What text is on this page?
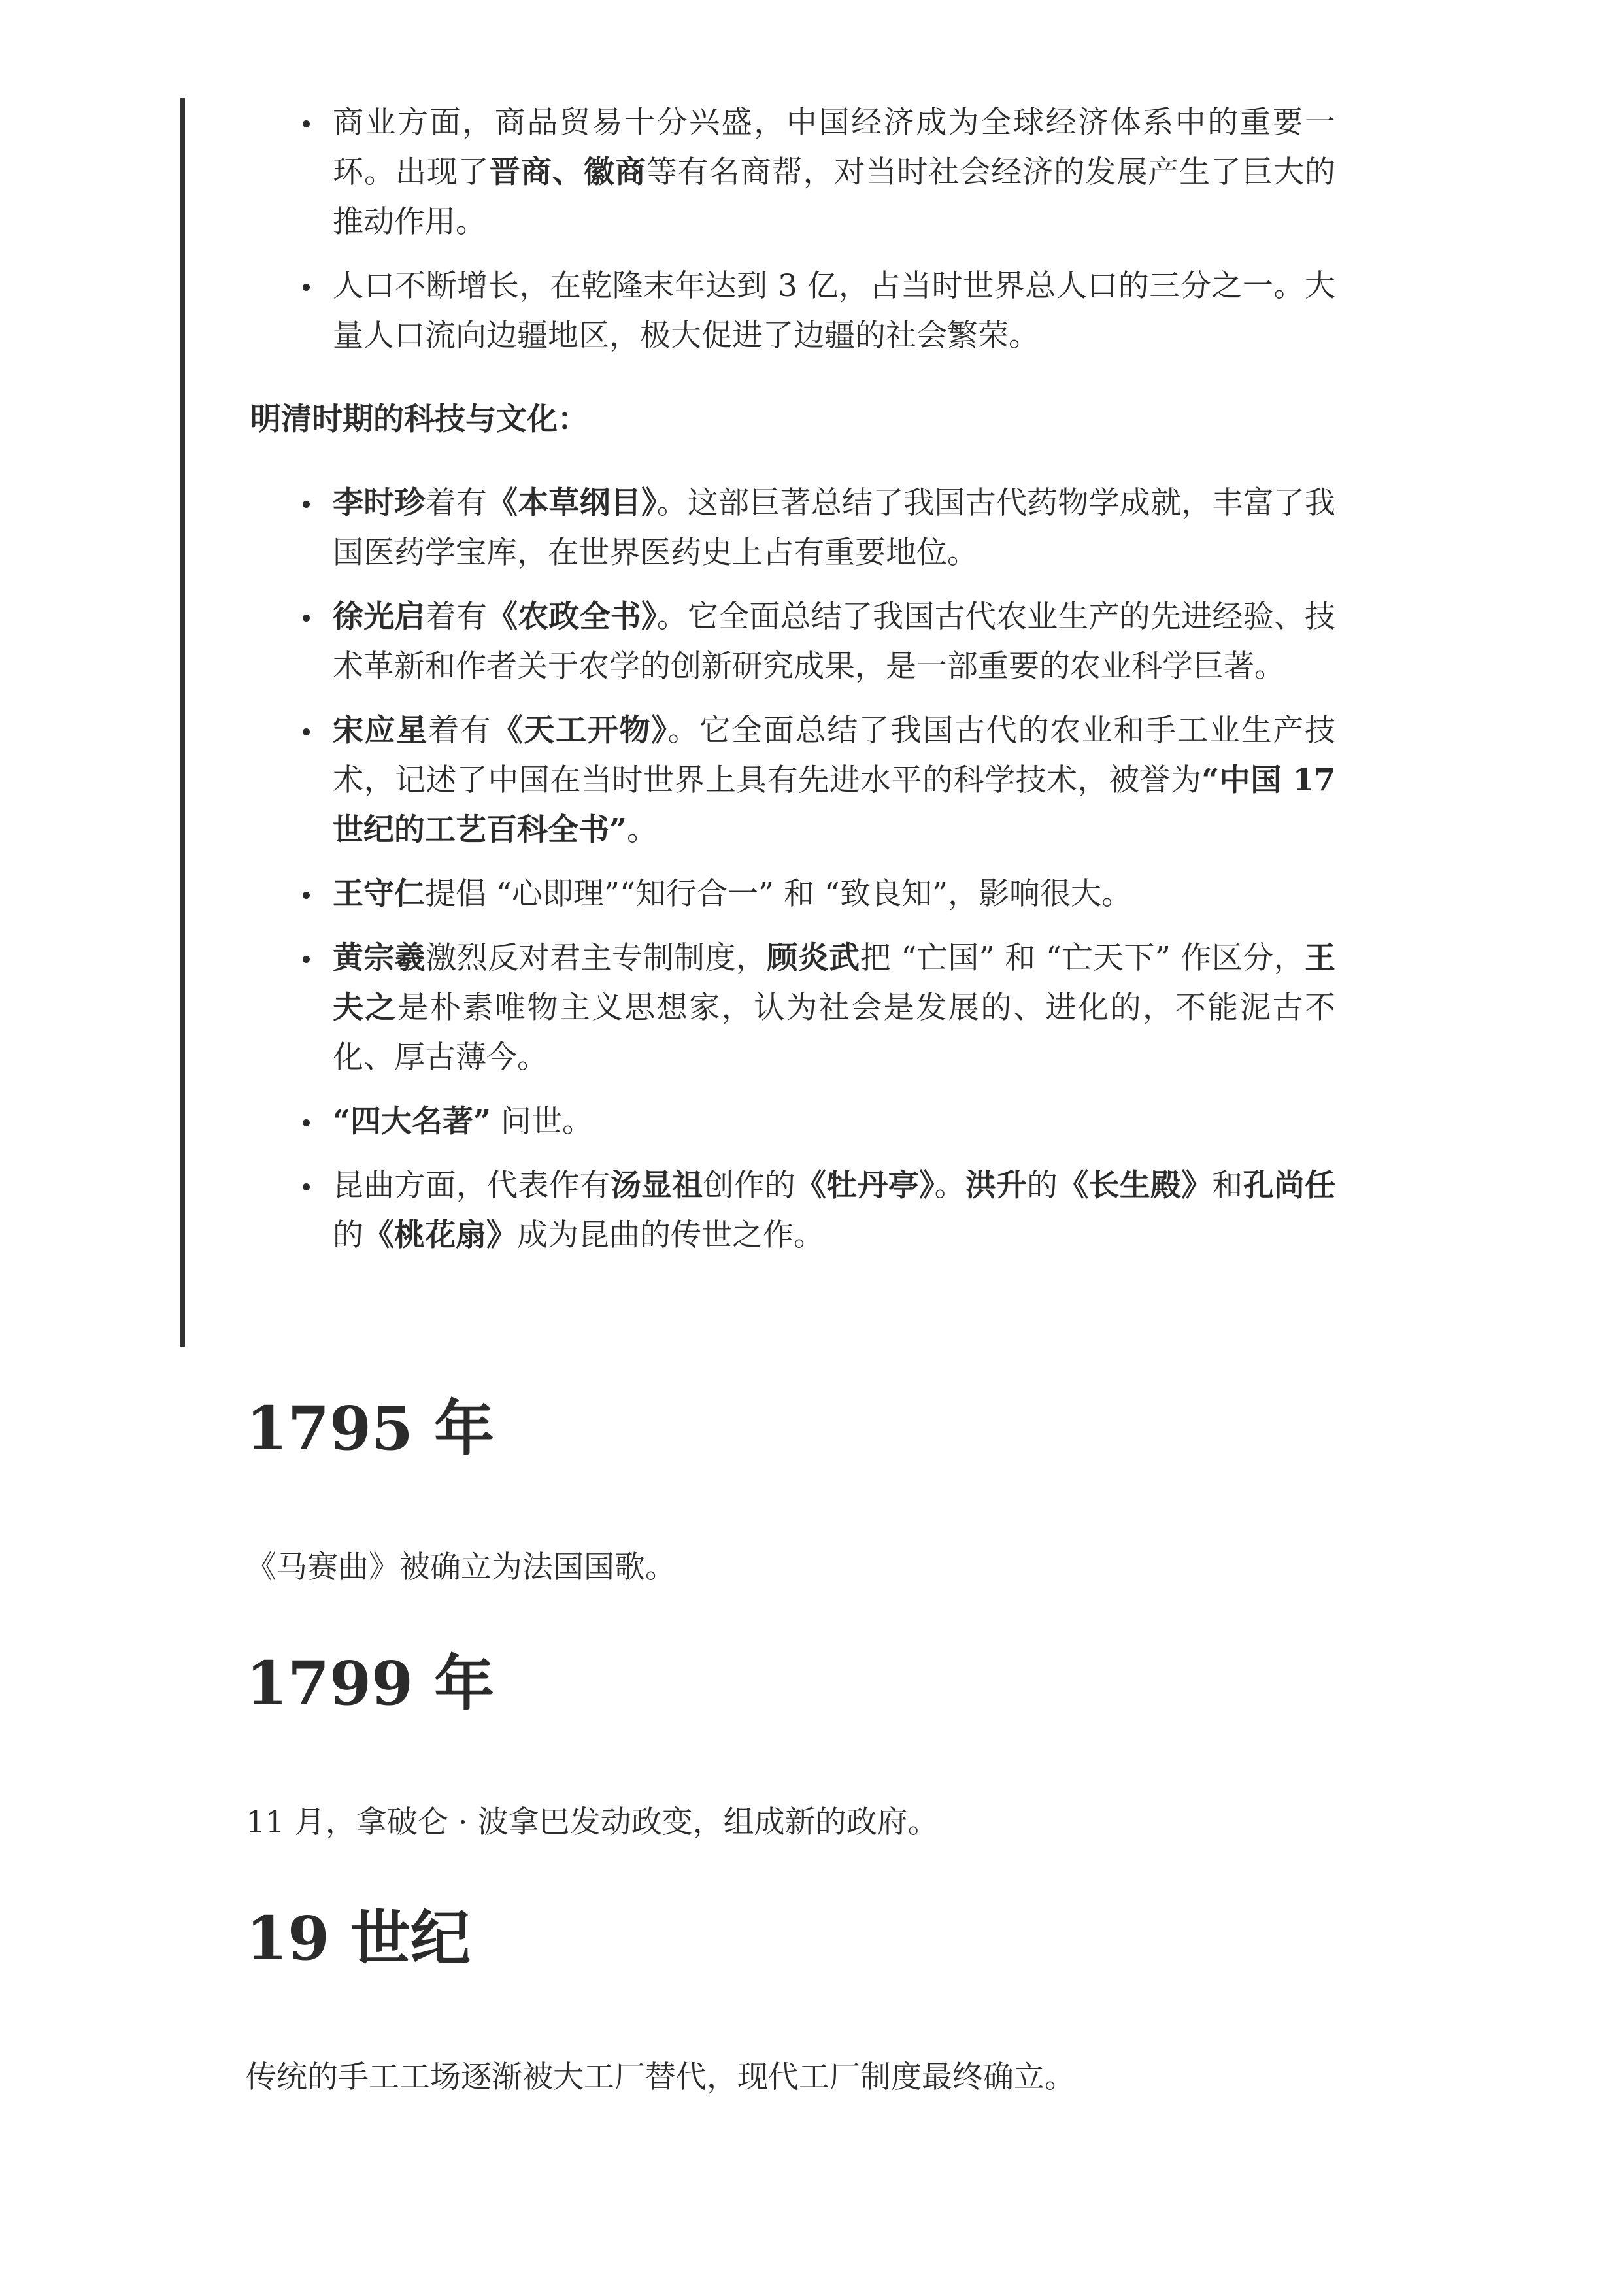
商业方面，商品贸易十分兴盛，中国经济成为全球经济体系中的重要一环。出现了晋商、徽商等有名商帮，对当时社会经济的发展产生了巨大的推动作用。
人口不断增长，在乾隆末年达到 3 亿，占当时世界总人口的三分之一。大量人口流向边疆地区，极大促进了边疆的社会繁荣。
明清时期的科技与文化：
李时珍着有《本草纲目》。这部巨著总结了我国古代药物学成就，丰富了我国医药学宝库，在世界医药史上占有重要地位。
徐光启着有《农政全书》。它全面总结了我国古代农业生产的先进经验、技术革新和作者关于农学的创新研究成果，是一部重要的农业科学巨著。
宋应星着有《天工开物》。它全面总结了我国古代的农业和手工业生产技术，记述了中国在当时世界上具有先进水平的科学技术，被誉为“中国 17 世纪的工艺百科全书”。
王守仁提倡 “心即理”“知行合一” 和 “致良知”，影响很大。
黄宗羲激烈反对君主专制制度，顾炎武把 “亡国” 和 “亡天下” 作区分，王夫之是朴素唯物主义思想家，认为社会是发展的、进化的，不能泥古不化、厚古薄今。
“四大名著” 问世。
昆曲方面，代表作有汤显祖创作的《牡丹亭》。洪升的《长生殿》和孔尚任的《桃花扇》成为昆曲的传世之作。
1795 年

《马赛曲》被确立为法国国歌。

1799 年

11 月，拿破仑 · 波拿巴发动政变，组成新的政府。

19 世纪

传统的手工工场逐渐被大工厂替代，现代工厂制度最终确立。
